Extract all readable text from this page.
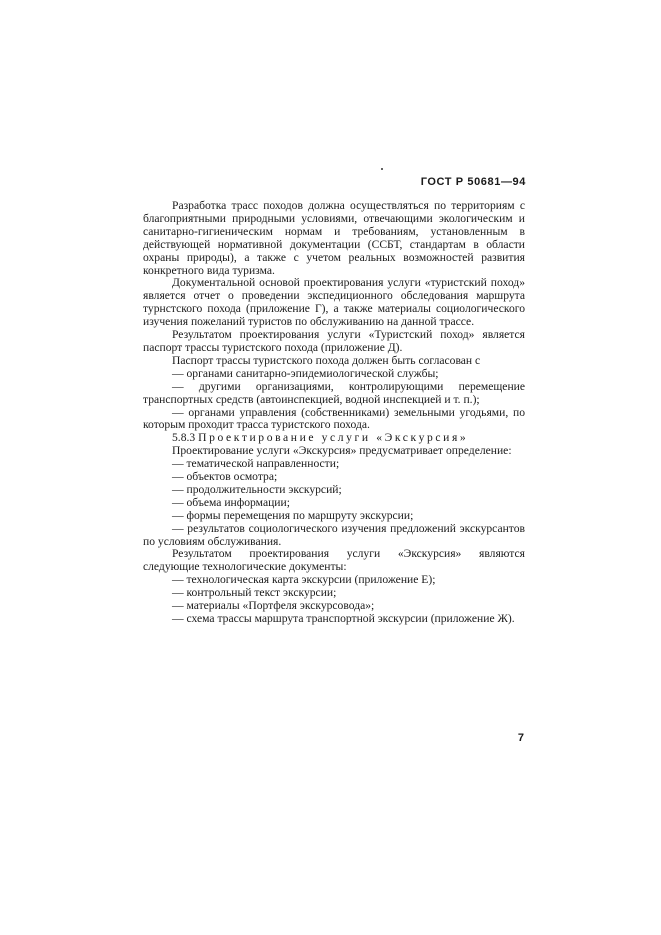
ГОСТ Р 50681—94

Разработка трасс походов должна осуществляться по территориям с благоприятными природными условиями, отвечающими экологическим и санитарно-гигиеническим нормам и требованиям, установленным в действующей нормативной документации (ССБТ, стандартам в области охраны природы), а также с учетом реальных возможностей развития конкретного вида туризма.

Документальной основой проектирования услуги «туристский поход» является отчет о проведении экспедиционного обследования маршрута турнстского похода (приложение Г), а также материалы социологического изучения пожеланий туристов по обслуживанию на данной трассе.

Результатом проектирования услуги «Туристский поход» является паспорт трассы туристского похода (приложение Д).

Паспорт трассы туристского похода должен быть согласован с

— органами санитарно-эпидемиологической службы;

— другими организациями, контролирующими перемещение транспортных средств (автоинспекцией, водной инспекцией и т. п.);

— органами управления (собственниками) земельными угодьями, по которым проходит трасса туристского похода.

5.8.3 Проектирование услуги «Экскурсия»

Проектирование услуги «Экскурсия» предусматривает определение:

— тематической направленности;

— объектов осмотра;

— продолжительности экскурсий;

— объема информации;

— формы перемещения по маршруту экскурсии;

— результатов социологического изучения предложений экскурсантов по условиям обслуживания.

Результатом проектирования услуги «Экскурсия» являются следующие технологические документы:

— технологическая карта экскурсии (приложение Е);

— контрольный текст экскурсии;

— материалы «Портфеля экскурсовода»;

— схема трассы маршрута транспортной экскурсии (приложение Ж).

7
